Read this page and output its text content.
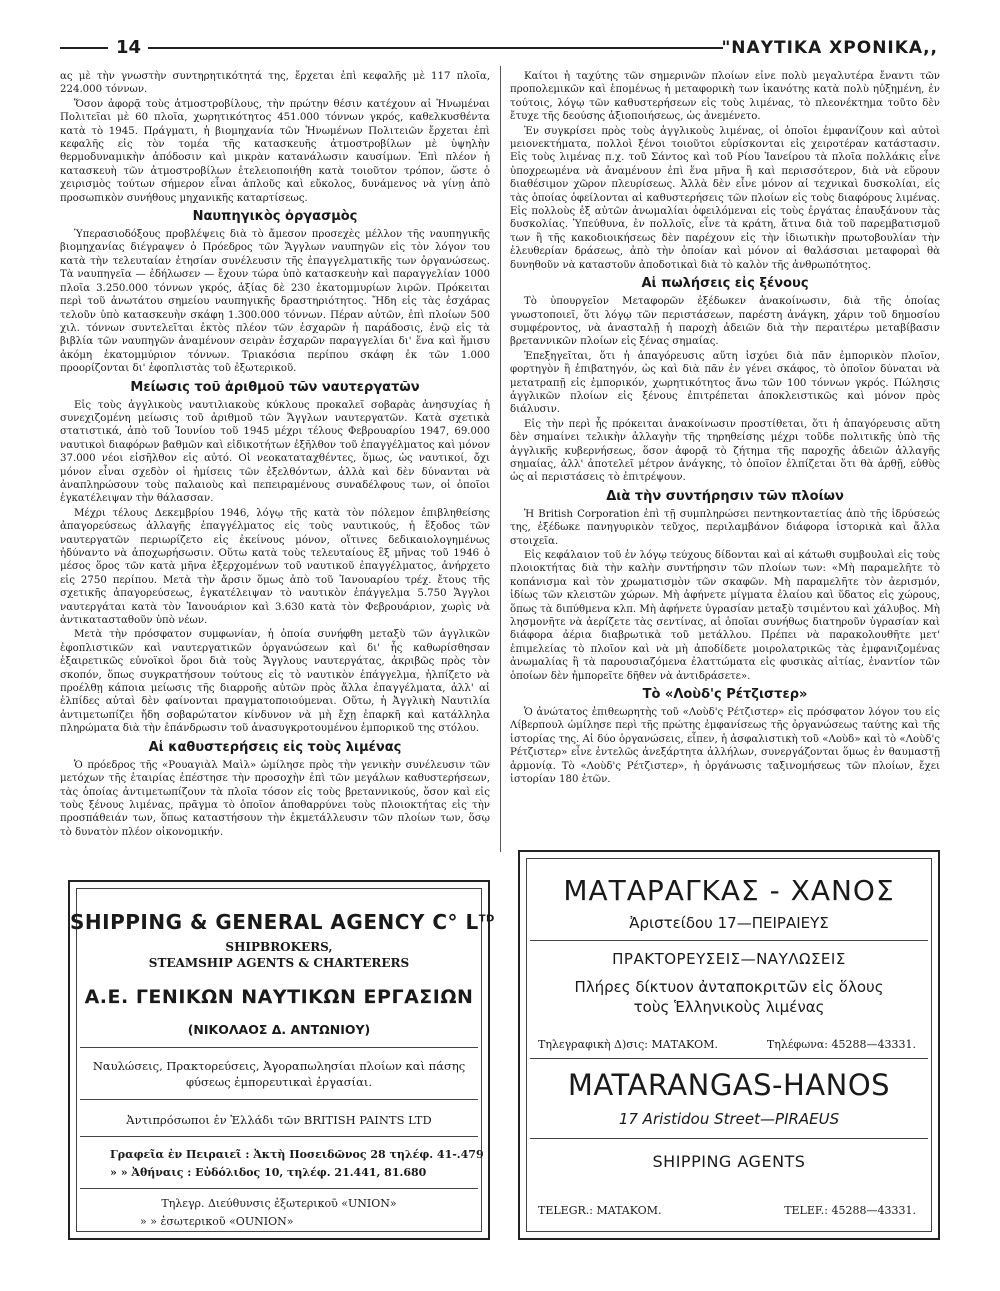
14	"ΝΑΥΤΙΚΑ ΧΡΟΝΙΚΑ,,

ας μὲ τὴν γνωστὴν συντηρητικότητά της, ἔρχεται ἐπὶ κεφαλῆς μὲ 117 πλοῖα, 224.000 τόννων.

Ὅσον ἀφορᾷ τοὺς ἀτμοστροβίλους, τὴν πρώτην θέσιν κατέχουν αἱ Ἡνωμέναι Πολιτεῖαι μὲ 60 πλοῖα, χωρητικότητος 451.000 τόννων γκρός, καθελκυσθέντα κατὰ τὸ 1945. Πράγματι, ἡ βιομηχανία τῶν Ἡνωμένων Πολιτειῶν ἔρχεται ἐπὶ κεφαλῆς εἰς τὸν τομέα τῆς κατασκευῆς ἀτμοστροβίλων μὲ ὑψηλὴν θερμοδυναμικὴν ἀπόδοσιν καὶ μικρὰν κατανάλωσιν καυσίμων. Ἐπὶ πλέον ἡ κατασκευὴ τῶν ἀτμοστροβίλων ἐτελειοποιήθη κατὰ τοιοῦτον τρόπον, ὥστε ὁ χειρισμὸς τούτων σήμερον εἶναι ἁπλοῦς καὶ εὔκολος, δυνάμενος νὰ γίνῃ ἀπὸ προσωπικὸν συνήθους μηχανικῆς καταρτίσεως.

Ναυπηγικὸς ὀργασμὸς

Ὑπερασιοδόξους προβλέψεις διὰ τὸ ἄμεσον προσεχὲς μέλλον τῆς ναυπηγικῆς βιομηχανίας διέγραψεν ὁ Πρόεδρος τῶν Ἄγγλων ναυπηγῶν εἰς τὸν λόγον του κατὰ τὴν τελευταίαν ἐτησίαν συνέλευσιν τῆς ἐπαγγελματικῆς των ὀργανώσεως. Τὰ ναυπηγεῖα — ἐδήλωσεν — ἔχουν τώρα ὑπὸ κατασκευὴν καὶ παραγγελίαν 1000 πλοῖα 3.250.000 τόννων γκρός, ἀξίας δὲ 230 ἑκατομμυρίων λιρῶν. Πρόκειται περὶ τοῦ ἀνωτάτου σημείου ναυπηγικῆς δραστηριότητος. Ἤδη εἰς τὰς ἐσχάρας τελοῦν ὑπὸ κατασκευὴν σκάφη 1.300.000 τόννων. Πέραν αὐτῶν, ἐπὶ πλοίων 500 χιλ. τόννων συντελεῖται ἐκτὸς πλέον τῶν ἐσχαρῶν ἡ παράδοσις, ἐνῷ εἰς τὰ βιβλία τῶν ναυπηγῶν ἀναμένουν σειρὰν ἐσχαρῶν παραγγελίαι δι' ἕνα καὶ ἥμισυ ἀκόμη ἑκατομμύριον τόννων. Τριακόσια περίπου σκάφη ἐκ τῶν 1.000 προορίζονται δι' ἐφοπλιστὰς τοῦ ἐξωτερικοῦ.

Μείωσις τοῦ ἀριθμοῦ τῶν ναυτεργατῶν

Εἰς τοὺς ἀγγλικοὺς ναυτιλιακοὺς κύκλους προκαλεῖ σοβαρὰς ἀνησυχίας ἡ συνεχιζομένη μείωσις τοῦ ἀριθμοῦ τῶν Ἄγγλων ναυτεργατῶν. Κατὰ σχετικὰ στατιστικά, ἀπὸ τοῦ Ἰουνίου τοῦ 1945 μέχρι τέλους Φεβρουαρίου 1947, 69.000 ναυτικοὶ διαφόρων βαθμῶν καὶ εἰδικοτήτων ἐξῆλθον τοῦ ἐπαγγέλματος καὶ μόνον 37.000 νέοι εἰσῆλθον εἰς αὐτό. Οἱ νεοκαταταχθέντες, ὅμως, ὡς ναυτικοί, ὄχι μόνον εἶναι σχεδὸν οἱ ἡμίσεις τῶν ἐξελθόντων, ἀλλὰ καὶ δὲν δύνανται νὰ ἀναπληρώσουν τοὺς παλαιοὺς καὶ πεπειραμένους συναδέλφους των, οἱ ὁποῖοι ἐγκατέλειψαν τὴν θάλασσαν.

Μέχρι τέλους Δεκεμβρίου 1946, λόγῳ τῆς κατὰ τὸν πόλεμον ἐπιβληθείσης ἀπαγορεύσεως ἀλλαγῆς ἐπαγγέλματος εἰς τοὺς ναυτικούς, ἡ ἔξοδος τῶν ναυτεργατῶν περιωρίζετο εἰς ἐκείνους μόνον, οἵτινες δεδικαιολογημένως ἠδύναντο νὰ ἀποχωρήσωσιν. Οὕτω κατὰ τοὺς τελευταίους ἓξ μῆνας τοῦ 1946 ὁ μέσος ὅρος τῶν κατὰ μῆνα ἐξερχομένων τοῦ ναυτικοῦ ἐπαγγέλματος, ἀνήρχετο εἰς 2750 περίπου. Μετὰ τὴν ἄρσιν ὅμως ἀπὸ τοῦ Ἰανουαρίου τρέχ. ἔτους τῆς σχετικῆς ἀπαγορεύσεως, ἐγκατέλειψαν τὸ ναυτικὸν ἐπάγγελμα 5.750 Ἄγγλοι ναυτεργάται κατὰ τὸν Ἰανουάριον καὶ 3.630 κατὰ τὸν Φεβρουάριον, χωρὶς νὰ ἀντικατασταθοῦν ὑπὸ νέων.

Μετὰ τὴν πρόσφατον συμφωνίαν, ἡ ὁποία συνήφθη μεταξὺ τῶν ἀγγλικῶν ἐφοπλιστικῶν καὶ ναυτεργατικῶν ὀργανώσεων καὶ δι' ἧς καθωρίσθησαν ἐξαιρετικῶς εὐνοϊκοὶ ὅροι διὰ τοὺς Ἄγγλους ναυτεργάτας, ἀκριβῶς πρὸς τὸν σκοπόν, ὅπως συγκρατήσουν τούτους εἰς τὸ ναυτικὸν ἐπάγγελμα, ἠλπίζετο νὰ προέλθῃ κάποια μείωσις τῆς διαρροῆς αὐτῶν πρὸς ἄλλα ἐπαγγέλματα, ἀλλ' αἱ ἐλπίδες αὐταὶ δὲν φαίνονται πραγματοποιούμεναι. Οὕτω, ἡ Ἀγγλικὴ Ναυτιλία ἀντιμετωπίζει ἤδη σοβαρώτατον κίνδυνον νὰ μὴ ἔχῃ ἐπαρκῆ καὶ κατάλληλα πληρώματα διὰ τὴν ἐπάνδρωσιν τοῦ ἀνασυγκροτουμένου ἐμπορικοῦ της στόλου.

Αἱ καθυστερήσεις εἰς τοὺς λιμένας

Ὁ πρόεδρος τῆς «Ρουαγιὰλ Μαὶλ» ὡμίλησε πρὸς τὴν γενικὴν συνέλευσιν τῶν μετόχων τῆς ἑταιρίας ἐπέστησε τὴν προσοχὴν ἐπὶ τῶν μεγάλων καθυστερήσεων, τὰς ὁποίας ἀντιμετωπίζουν τὰ πλοῖα τόσον εἰς τοὺς βρεταννικούς, ὅσον καὶ εἰς τοὺς ξένους λιμένας, πρᾶγμα τὸ ὁποῖον ἀποθαρρύνει τοὺς πλοιοκτήτας εἰς τὴν προσπάθειάν των, ὅπως καταστήσουν τὴν ἐκμετάλλευσιν τῶν πλοίων των, ὅσῳ τὸ δυνατὸν πλέον οἰκονομικήν.

Καίτοι ἡ ταχύτης τῶν σημερινῶν πλοίων εἶνε πολὺ μεγαλυτέρα ἔναντι τῶν προπολεμικῶν καὶ ἑπομένως ἡ μεταφορικὴ των ἱκανότης κατὰ πολὺ ηὐξημένη, ἐν τούτοις, λόγῳ τῶν καθυστερήσεων εἰς τοὺς λιμένας, τὸ πλεονέκτημα τοῦτο δὲν ἔτυχε τῆς δεούσης ἀξιοποιήσεως, ὡς ἀνεμένετο.

Ἐν συγκρίσει πρὸς τοὺς ἀγγλικοὺς λιμένας, οἱ ὁποῖοι ἐμφανίζουν καὶ αὐτοὶ μειονεκτήματα, πολλοὶ ξένοι τοιοῦτοι εὑρίσκονται εἰς χειροτέραν κατάστασιν. Εἰς τοὺς λιμένας π.χ. τοῦ Σάντος καὶ τοῦ Ρίου Ἰανείρου τὰ πλοῖα πολλάκις εἶνε ὑποχρεωμένα νὰ ἀναμένουν ἐπὶ ἕνα μῆνα ἢ καὶ περισσότερον, διὰ νὰ εὕρουν διαθέσιμον χῶρον πλευρίσεως. Ἀλλὰ δὲν εἶνε μόνον αἱ τεχνικαὶ δυσκολίαι, εἰς τὰς ὁποίας ὀφείλονται αἱ καθυστερήσεις τῶν πλοίων εἰς τοὺς διαφόρους λιμένας. Εἰς πολλοὺς ἐξ αὐτῶν ἀνωμαλίαι ὀφειλόμεναι εἰς τοὺς ἐργάτας ἐπαυξάνουν τὰς δυσκολίας. Ὑπεύθυνα, ἐν πολλοῖς, εἶνε τὰ κράτη, ἅτινα διὰ τοῦ παρεμβατισμοῦ των ἢ τῆς κακοδιοικήσεως δὲν παρέχουν εἰς τὴν ἰδιωτικὴν πρωτοβουλίαν τὴν ἐλευθερίαν δράσεως, ἀπὸ τὴν ὁποίαν καὶ μόνον αἱ θαλάσσιαι μεταφοραὶ θὰ δυνηθοῦν νὰ καταστοῦν ἀποδοτικαὶ διὰ τὸ καλὸν τῆς ἀνθρωπότητος.

Αἱ πωλήσεις εἰς ξένους

Τὸ ὑπουργεῖον Μεταφορῶν ἐξέδωκεν ἀνακοίνωσιν, διὰ τῆς ὁποίας γνωστοποιεῖ, ὅτι λόγῳ τῶν περιστάσεων, παρέστη ἀνάγκη, χάριν τοῦ δημοσίου συμφέροντος, νὰ ἀνασταλῇ ἡ παροχὴ ἀδειῶν διὰ τὴν περαιτέρω μεταβίβασιν βρεταννικῶν πλοίων εἰς ξένας σημαίας.

Ἐπεξηγεῖται, ὅτι ἡ ἀπαγόρευσις αὕτη ἰσχύει διὰ πᾶν ἐμπορικὸν πλοῖον, φορτηγὸν ἢ ἐπιβατηγόν, ὡς καὶ διὰ πᾶν ἐν γένει σκάφος, τὸ ὁποῖον δύναται νὰ μετατραπῇ εἰς ἐμπορικόν, χωρητικότητος ἄνω τῶν 100 τόννων γκρός. Πώλησις ἀγγλικῶν πλοίων εἰς ξένους ἐπιτρέπεται ἀποκλειστικῶς καὶ μόνον πρὸς διάλυσιν.

Εἰς τὴν περὶ ἧς πρόκειται ἀνακοίνωσιν προστίθεται, ὅτι ἡ ἀπαγόρευσις αὕτη δὲν σημαίνει τελικὴν ἀλλαγὴν τῆς τηρηθείσης μέχρι τοῦδε πολιτικῆς ὑπὸ τῆς ἀγγλικῆς κυβερνήσεως, ὅσον ἀφορᾷ τὸ ζήτημα τῆς παροχῆς ἀδειῶν ἀλλαγῆς σημαίας, ἀλλ' ἀποτελεῖ μέτρον ἀνάγκης, τὸ ὁποῖον ἐλπίζεται ὅτι θὰ ἀρθῇ, εὐθὺς ὡς αἱ περιστάσεις τὸ ἐπιτρέψουν.

Διὰ τὴν συντήρησιν τῶν πλοίων

Ἡ British Corporation ἐπὶ τῇ συμπληρώσει πεντηκονταετίας ἀπὸ τῆς ἱδρύσεώς της, ἐξέδωκε πανηγυρικὸν τεῦχος, περιλαμβάνον διάφορα ἱστορικὰ καὶ ἄλλα στοιχεῖα.

Εἰς κεφάλαιον τοῦ ἐν λόγῳ τεύχους δίδονται καὶ αἱ κάτωθι συμβουλαὶ εἰς τοὺς πλοιοκτήτας διὰ τὴν καλὴν συντήρησιν τῶν πλοίων των: «Μὴ παραμελῆτε τὸ κοπάνισμα καὶ τὸν χρωματισμὸν τῶν σκαφῶν. Μὴ παραμελῆτε τὸν ἀερισμόν, ἰδίως τῶν κλειστῶν χώρων. Μὴ ἀφήνετε μίγματα ἐλαίου καὶ ὕδατος εἰς χώρους, ὅπως τὰ διπύθμενα κλπ. Μὴ ἀφήνετε ὑγρασίαν μεταξὺ τσιμέντου καὶ χάλυβος. Μὴ λησμονῆτε νὰ ἀερίζετε τὰς σεντίνας, αἱ ὁποῖαι συνήθως διατηροῦν ὑγρασίαν καὶ διάφορα ἀέρια διαβρωτικὰ τοῦ μετάλλου. Πρέπει νὰ παρακολουθῆτε μετ' ἐπιμελείας τὸ πλοῖον καὶ νὰ μὴ ἀποδίδετε μοιρολατρικῶς τὰς ἐμφανιζομένας ἀνωμαλίας ἢ τὰ παρουσιαζόμενα ἐλαττώματα εἰς φυσικὰς αἰτίας, ἐναντίον τῶν ὁποίων δὲν ἠμπορεῖτε δῆθεν νὰ ἀντιδράσετε».

Τὸ «Λοὺδ'ς Ρέτζιστερ»

Ὁ ἀνώτατος ἐπιθεωρητὴς τοῦ «Λοὺδ'ς Ρέτζιστερ» εἰς πρόσφατον λόγον του εἰς Λίβερπουλ ὡμίλησε περὶ τῆς πρώτης ἐμφανίσεως τῆς ὀργανώσεως ταύτης καὶ τῆς ἱστορίας της. Αἱ δύο ὀργανώσεις, εἶπεν, ἡ ἀσφαλιστικὴ τοῦ «Λοὺδ» καὶ τὸ «Λοὺδ'ς Ρέτζιστερ» εἶνε ἐντελῶς ἀνεξάρτητα ἀλλήλων, συνεργάζονται ὅμως ἐν θαυμαστῇ ἁρμονίᾳ. Τὸ «Λοὺδ'ς Ρέτζιστερ», ἡ ὀργάνωσις ταξινομήσεως τῶν πλοίων, ἔχει ἱστορίαν 180 ἐτῶν.

SHIPPING & GENERAL AGENCY C° $L^{TD}$
SHIPBROKERS,
STEAMSHIP AGENTS & CHARTERERS
Α.Ε. ΓΕΝΙΚΩΝ ΝΑΥΤΙΚΩΝ ΕΡΓΑΣΙΩΝ
(ΝΙΚΟΛΑΟΣ Δ. ΑΝΤΩΝΙΟΥ)
Ναυλώσεις, Πρακτορεύσεις, Ἀγοραπωλησίαι πλοίων καὶ πάσης
φύσεως ἐμπορευτικαὶ ἐργασίαι.
Ἀντιπρόσωποι ἐν Ἑλλάδι τῶν BRITISH PAINTS LTD
Γραφεῖα ἐν Πειραιεῖ : Ἀκτὴ Ποσειδῶνος 28 τηλέφ. 41-.479
» » Ἀθήναις : Εὐδόλιδος 10, τηλέφ. 21.441, 81.680
Τηλεγρ. Διεύθυνσις ἐξωτερικοῦ «UNION»
» » ἐσωτερικοῦ «OUNION»
ΜΑΤΑΡΑΓΚΑΣ - ΧΑΝΟΣ
Ἀριστείδου 17—ΠΕΙΡΑΙΕΥΣ
ΠΡΑΚΤΟΡΕΥΣΕΙΣ—ΝΑΥΛΩΣΕΙΣ
Πλήρες δίκτυον ἀνταποκριτῶν εἰς ὅλους
τοὺς Ἑλληνικοὺς λιμένας
Τηλεγραφικὴ Δ)σις: ΜΑΤΑΚΟΜ.	Τηλέφωνα: 45288—43331.
MATARANGAS-HANOS
17 Aristidou Street—PIRAEUS
SHIPPING AGENTS
TELEGR.: MATAKOM.	TELEF.: 45288—43331.
